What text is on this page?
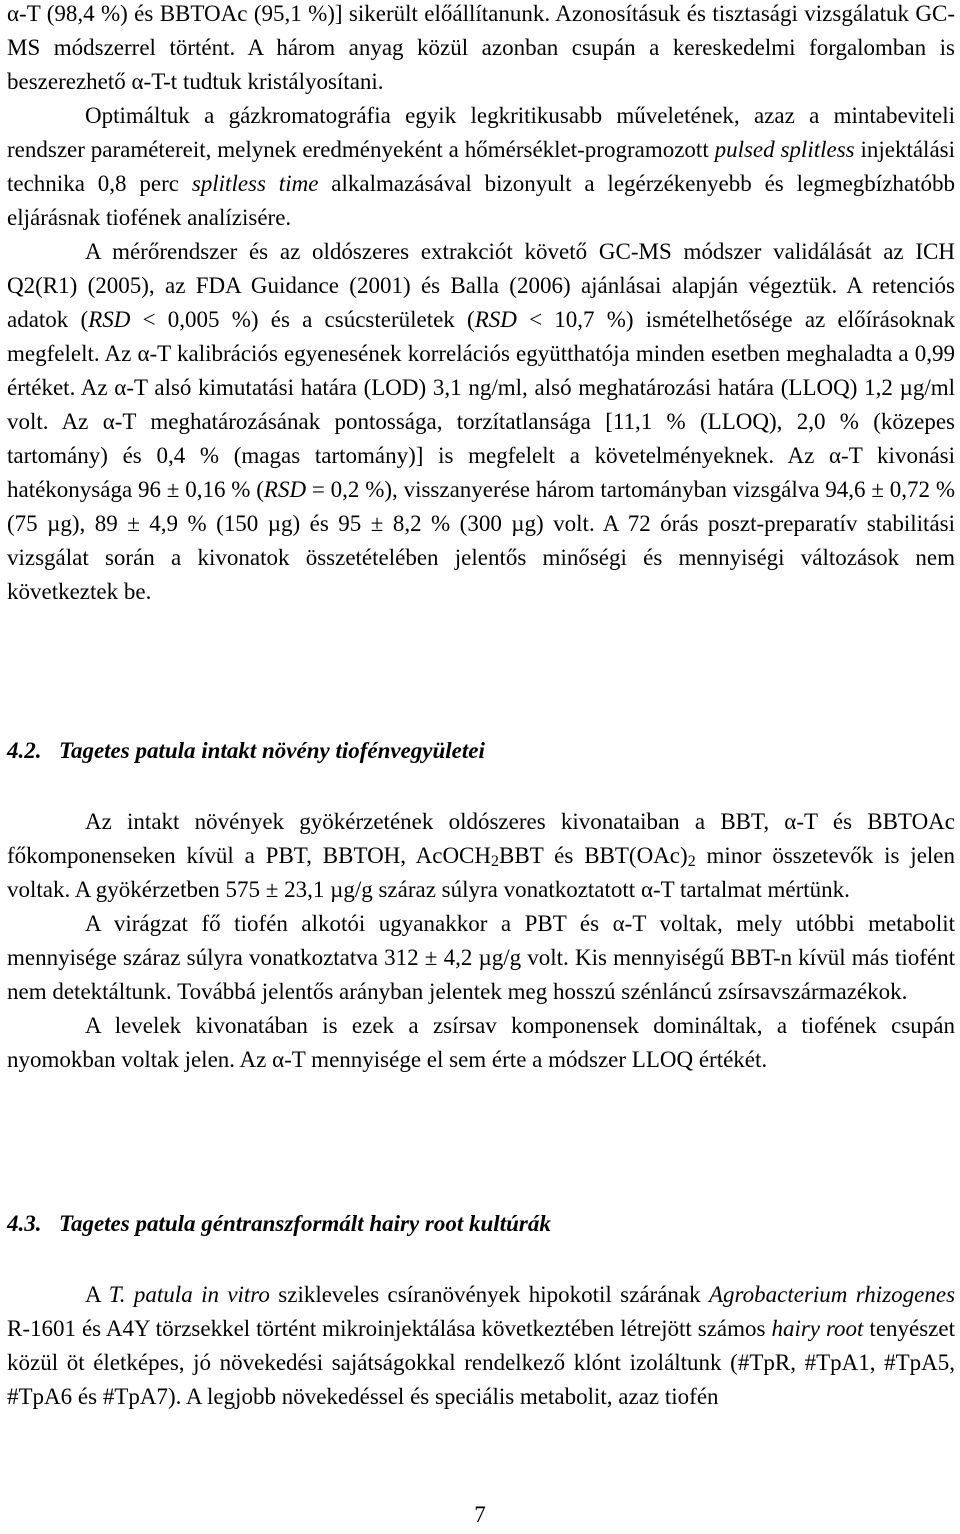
α-T (98,4 %) és BBTOAc (95,1 %)] sikerült előállítanunk. Azonosításuk és tisztasági vizsgálatuk GC-MS módszerrel történt. A három anyag közül azonban csupán a kereskedelmi forgalomban is beszerezhető α-T-t tudtuk kristályosítani.

Optimáltuk a gázkromatográfia egyik legkritikusabb műveletének, azaz a mintabeviteli rendszer paramétereit, melynek eredményeként a hőmérséklet-programozott pulsed splitless injektálási technika 0,8 perc splitless time alkalmazásával bizonyult a legérzékenyebb és legmegbízhatóbb eljárásnak tiofének analízisére.

A mérőrendszer és az oldószeres extrakciót követő GC-MS módszer validálását az ICH Q2(R1) (2005), az FDA Guidance (2001) és Balla (2006) ajánlásai alapján végeztük. A retenciós adatok (RSD < 0,005 %) és a csúcsterületek (RSD < 10,7 %) ismételhetősége az előírásoknak megfelelt. Az α-T kalibrációs egyenesének korrelációs együtthatója minden esetben meghaladta a 0,99 értéket. Az α-T alsó kimutatási határa (LOD) 3,1 ng/ml, alsó meghatározási határa (LLOQ) 1,2 µg/ml volt. Az α-T meghatározásának pontossága, torzítatlansága [11,1 % (LLOQ), 2,0 % (közepes tartomány) és 0,4 % (magas tartomány)] is megfelelt a követelményeknek. Az α-T kivonási hatékonysága 96 ± 0,16 % (RSD = 0,2 %), visszanyerése három tartományban vizsgálva 94,6 ± 0,72 % (75 µg), 89 ± 4,9 % (150 µg) és 95 ± 8,2 % (300 µg) volt. A 72 órás poszt-preparatív stabilitási vizsgálat során a kivonatok összetételében jelentős minőségi és mennyiségi változások nem következtek be.

4.2. Tagetes patula intakt növény tiofénvegyületei

Az intakt növények gyökérzetének oldószeres kivonataiban a BBT, α-T és BBTOAc főkomponenseken kívül a PBT, BBTOH, AcOCH$_2$BBT és $BBT(OAc)_2$ minor összetevők is jelen voltak. A gyökérzetben 575 ± 23,1 µg/g száraz súlyra vonatkoztatott α-T tartalmat mértünk.

A virágzat fő tiofén alkotói ugyanakkor a PBT és α-T voltak, mely utóbbi metabolit mennyisége száraz súlyra vonatkoztatva 312 ± 4,2 µg/g volt. Kis mennyiségű BBT-n kívül más tiofént nem detektáltunk. Továbbá jelentős arányban jelentek meg hosszú szénláncú zsírsavszármazékok.

A levelek kivonatában is ezek a zsírsav komponensek domináltak, a tiofének csupán nyomokban voltak jelen. Az α-T mennyisége el sem érte a módszer LLOQ értékét.

4.3. Tagetes patula géntranszformált hairy root kultúrák

A T. patula in vitro szikleveles csíranövények hipokotil szárának Agrobacterium rhizogenes R-1601 és A4Y törzsekkel történt mikroinjektálása következtében létrejött számos hairy root tenyészet közül öt életképes, jó növekedési sajátságokkal rendelkező klónt izoláltunk (#TpR, #TpA1, #TpA5, #TpA6 és #TpA7). A legjobb növekedéssel és speciális metabolit, azaz tiofén

7
